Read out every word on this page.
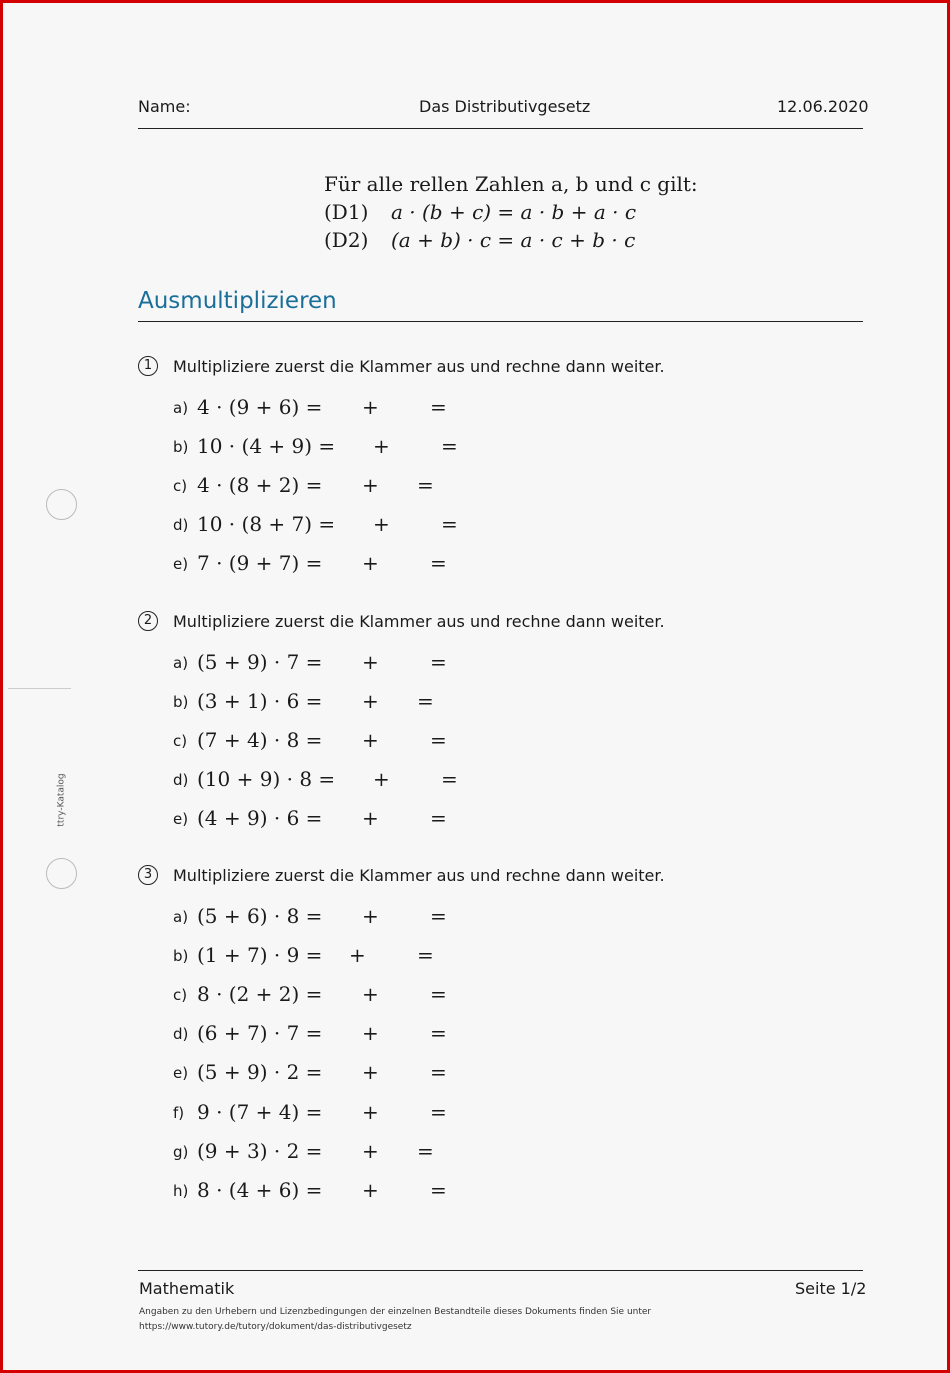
ttry-Katalog
Name:	Das Distributivgesetz	12.06.2020
Für alle rellen Zahlen a, b und c gilt:
(D1) a · (b + c) = a · b + a · c
(D2) (a + b) · c = a · c + b · c
Ausmultiplizieren
1	Multipliziere zuerst die Klammer aus und rechne dann weiter.
a) 4 · (9 + 6) = +	=
b) 10 · (4 + 9) = +	=
c) 4 · (8 + 2) = + =
d) 10 · (8 + 7) = +	=
e) 7 · (9 + 7) = +	=
2	Multipliziere zuerst die Klammer aus und rechne dann weiter.
a) (5 + 9) · 7 = +	=
b) (3 + 1) · 6 = + =
c) (7 + 4) · 8 = +	=
d) (10 + 9) · 8 = +	=
e) (4 + 9) · 6 = +	=
3	Multipliziere zuerst die Klammer aus und rechne dann weiter.
a) (5 + 6) · 8 = +	=
b) (1 + 7) · 9 = +	=
c) 8 · (2 + 2) = +	=
d) (6 + 7) · 7 = +	=
e) (5 + 9) · 2 = +	=
f) 9 · (7 + 4) = +	=
g) (9 + 3) · 2 = + =
h) 8 · (4 + 6) = +	=
Mathematik	Seite 1/2
Angaben zu den Urhebern und Lizenzbedingungen der einzelnen Bestandteile dieses Dokuments finden Sie unter
https://www.tutory.de/tutory/dokument/das-distributivgesetz
